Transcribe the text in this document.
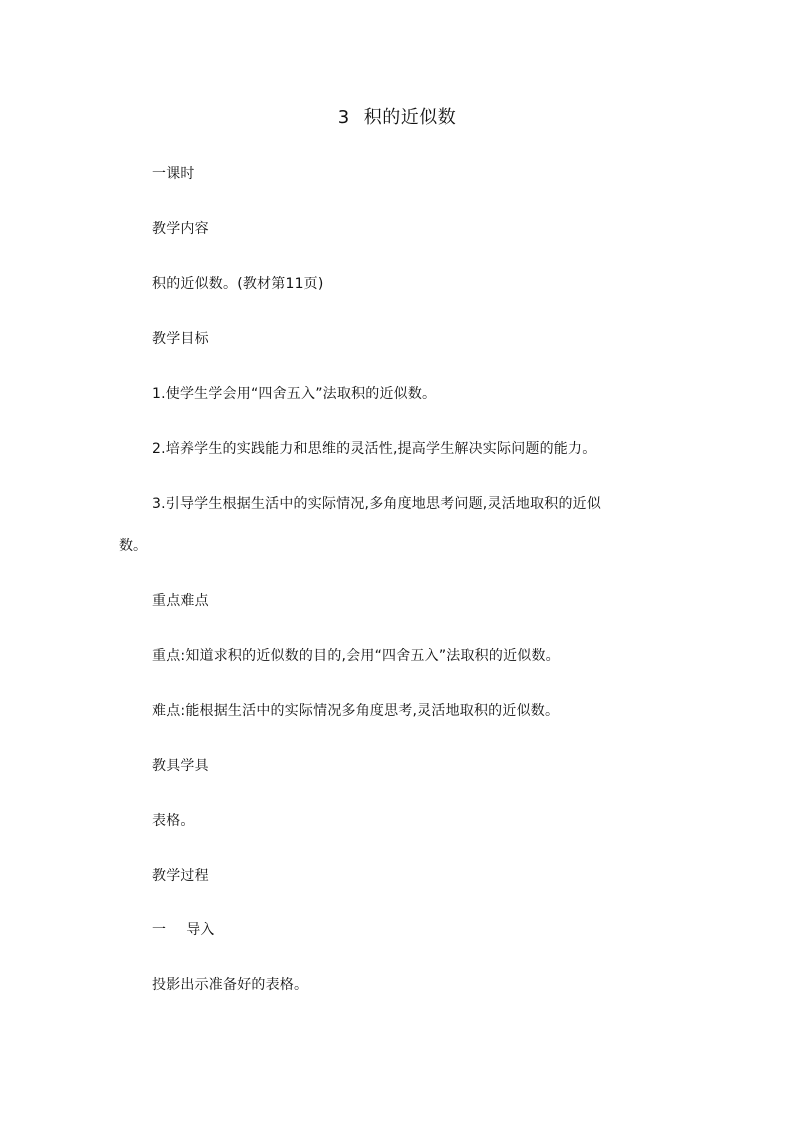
3 积的近似数
一课时
教学内容
积的近似数。(教材第11页)
教学目标
1.使学生学会用“四舍五入”法取积的近似数。
2.培养学生的实践能力和思维的灵活性,提高学生解决实际问题的能力。
3.引导学生根据生活中的实际情况,多角度地思考问题,灵活地取积的近似
数。
重点难点
重点:知道求积的近似数的目的,会用“四舍五入”法取积的近似数。
难点:能根据生活中的实际情况多角度思考,灵活地取积的近似数。
教具学具
表格。
教学过程
一 导入
投影出示准备好的表格。
